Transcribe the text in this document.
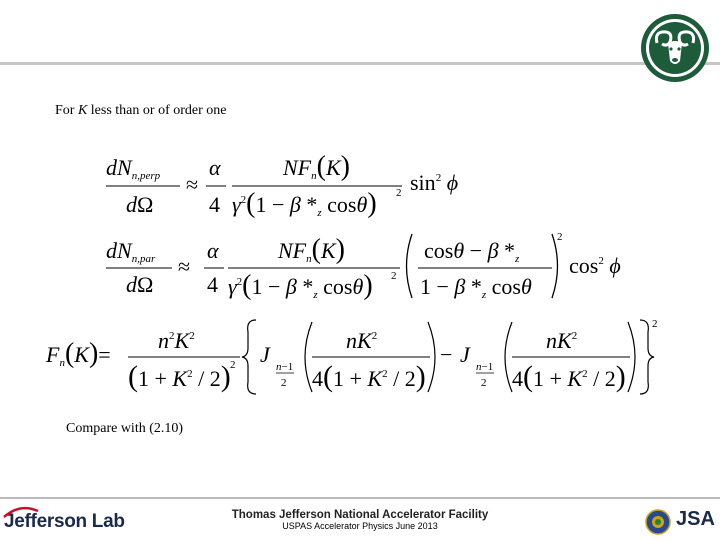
For K less than or of order one
dNn,perp
dΩ
≈
α
4
NFn(K)
$\gamma^2(1 - \beta$ *z cosθ) 2 $\sin^2 \phi$
dNn,par
dΩ
≈
α
4
NFn(K)
$\gamma^2(1 - \beta$ *z cosθ) 2
cosθ − β *z
1 − β *z cosθ
2
$\cos^2 \phi$
Fn(K)=
$n^2K^2$
$(1 + K^2 / 2)$ 2 J n−1
2
$nK^2$
$4(1 + K^2 / 2)$
− J n−1
2
$nK^2$
$4(1 + K^2 / 2)$
2
Compare with (2.10)
Jefferson Lab	Thomas Jefferson National Accelerator Facility
USPAS Accelerator Physics June 2013	JSA
